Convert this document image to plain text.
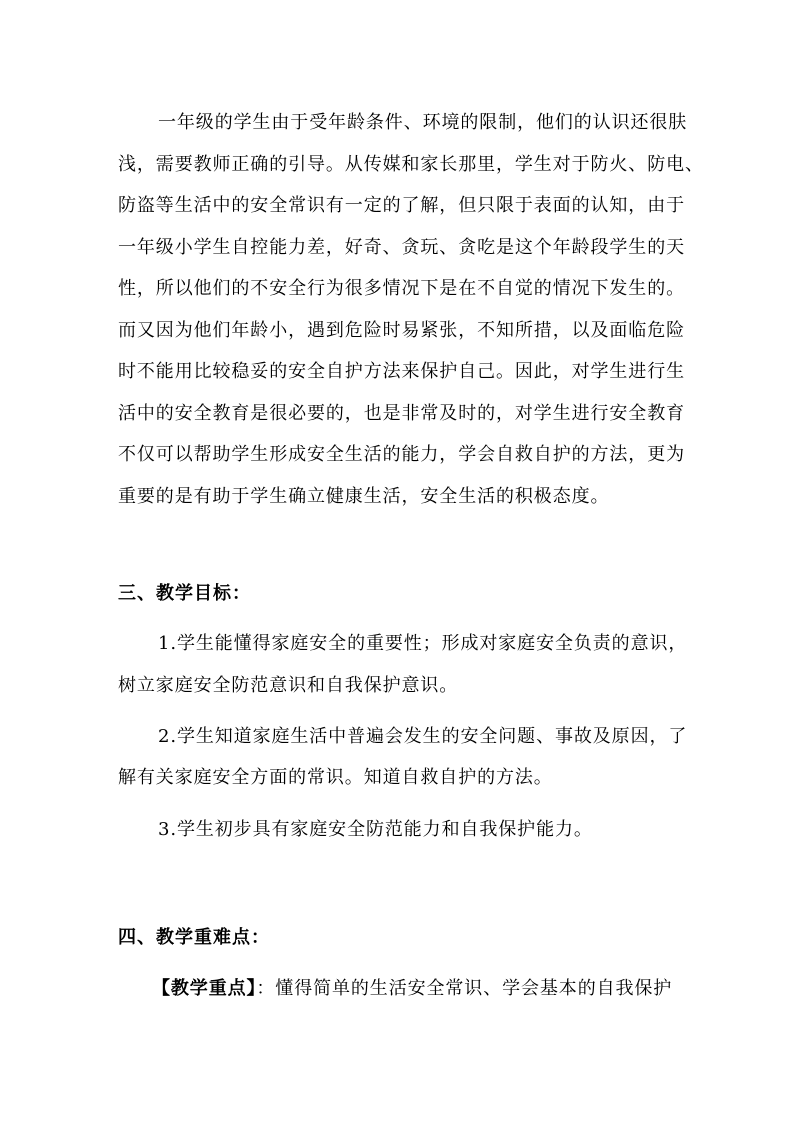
一年级的学生由于受年龄条件、环境的限制，他们的认识还很肤
浅，需要教师正确的引导。从传媒和家长那里，学生对于防火、防电、
防盗等生活中的安全常识有一定的了解，但只限于表面的认知，由于
一年级小学生自控能力差，好奇、贪玩、贪吃是这个年龄段学生的天
性，所以他们的不安全行为很多情况下是在不自觉的情况下发生的。
而又因为他们年龄小，遇到危险时易紧张，不知所措，以及面临危险
时不能用比较稳妥的安全自护方法来保护自己。因此，对学生进行生
活中的安全教育是很必要的，也是非常及时的，对学生进行安全教育
不仅可以帮助学生形成安全生活的能力，学会自救自护的方法，更为
重要的是有助于学生确立健康生活，安全生活的积极态度。
三、教学目标：
1.学生能懂得家庭安全的重要性；形成对家庭安全负责的意识，
树立家庭安全防范意识和自我保护意识。
2.学生知道家庭生活中普遍会发生的安全问题、事故及原因，了
解有关家庭安全方面的常识。知道自救自护的方法。
3.学生初步具有家庭安全防范能力和自我保护能力。
四、教学重难点：
【教学重点】：懂得简单的生活安全常识、学会基本的自我保护
